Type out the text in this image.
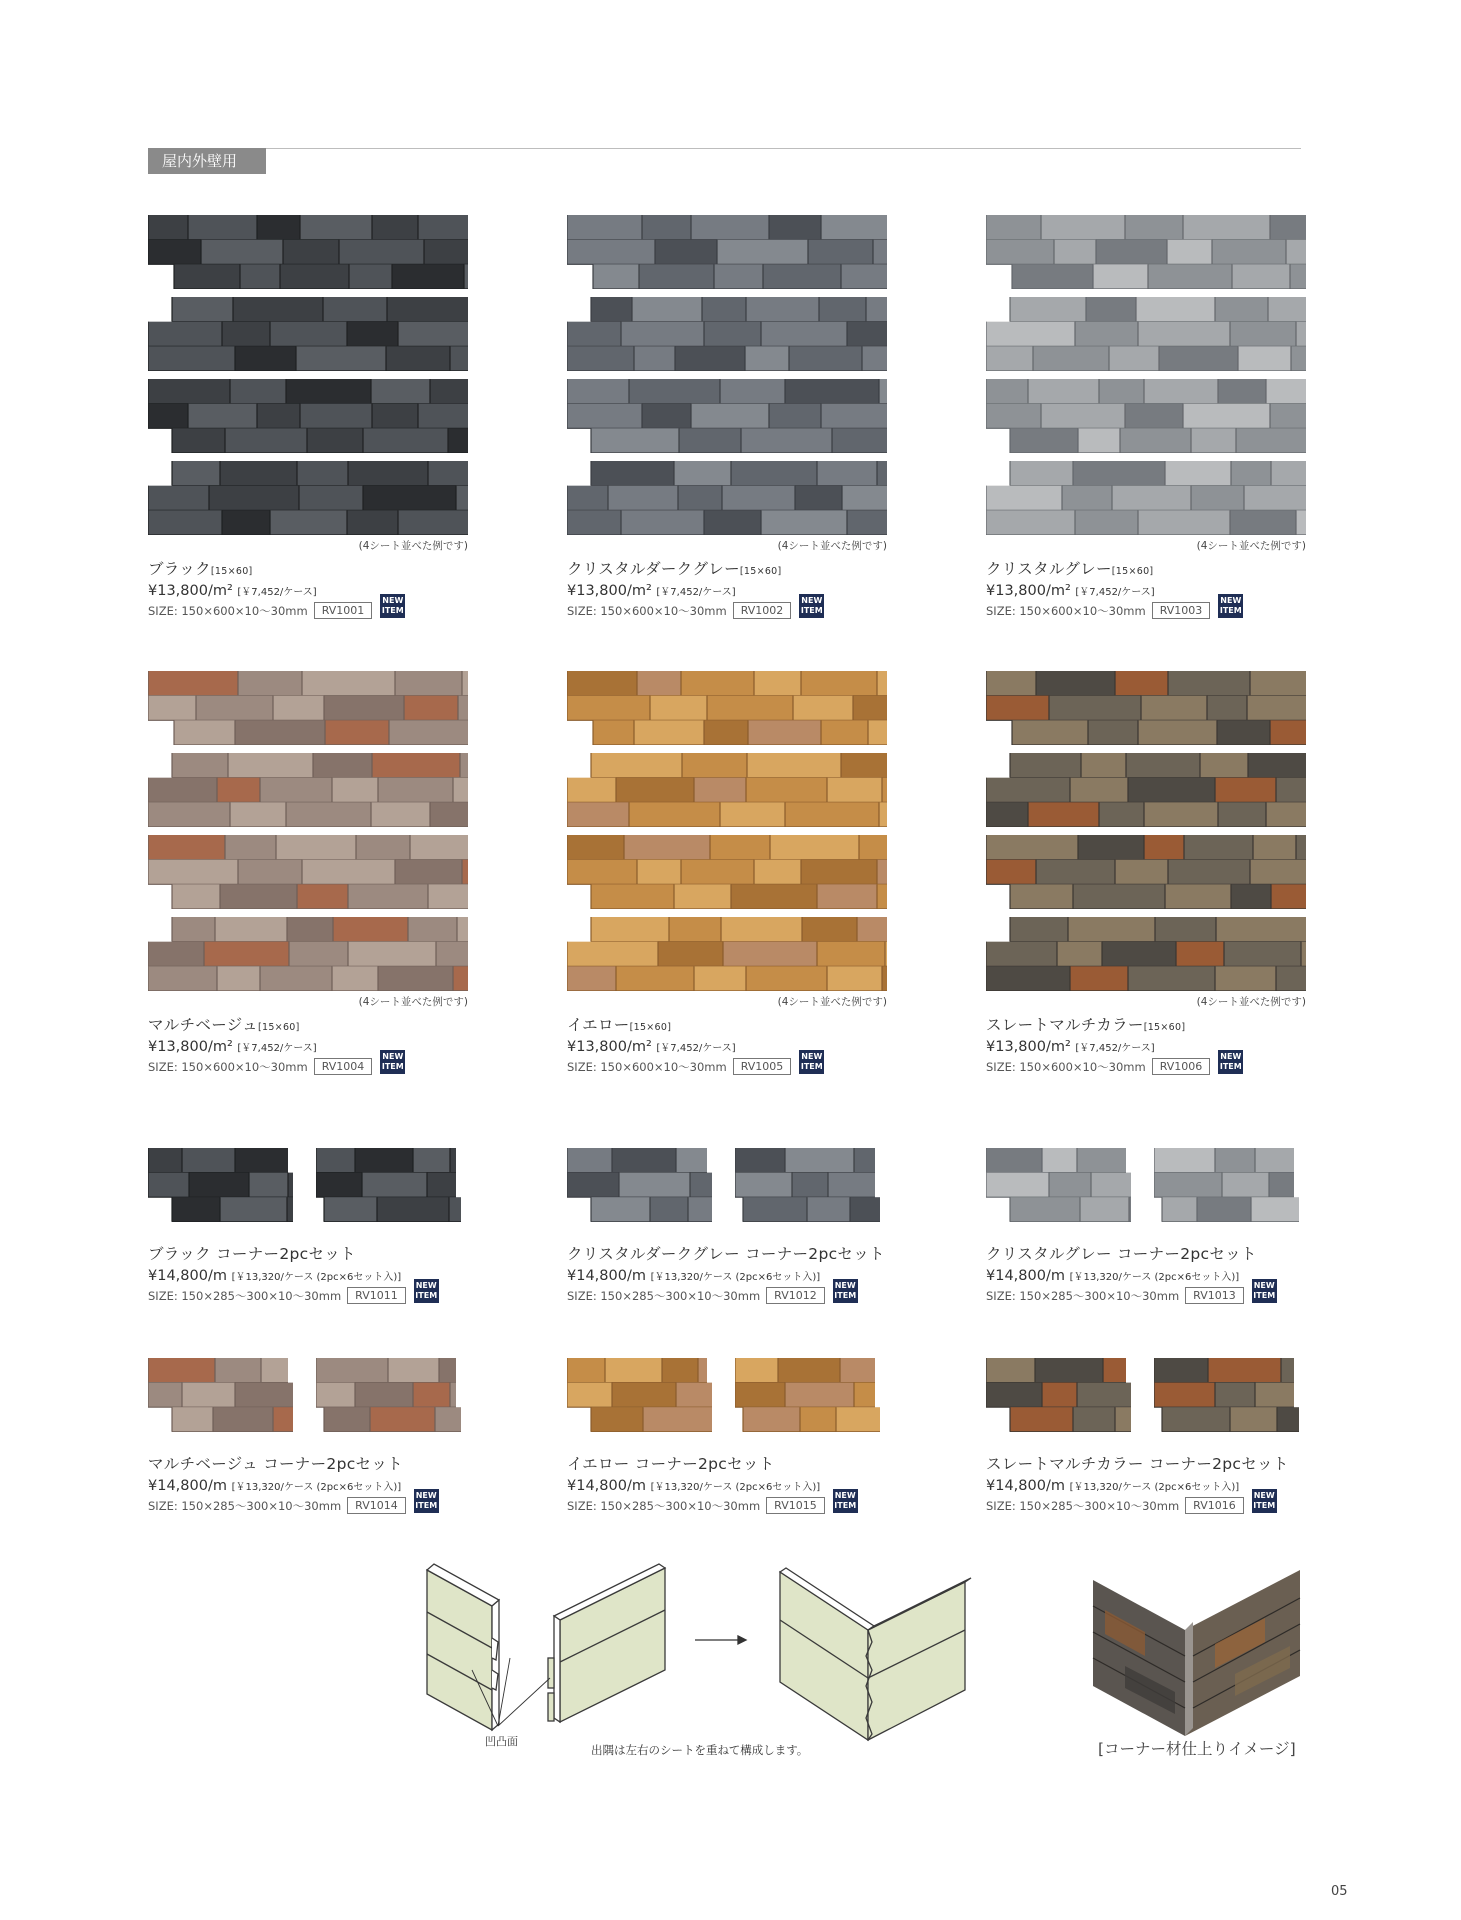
屋内外壁用
(4シート並べた例です)
ブラック[15×60]
¥13,800/m² [￥7,452/ケース]
SIZE: 150×600×10〜30mm	RV1001
NEW
ITEM
(4シート並べた例です)
クリスタルダークグレー[15×60]
¥13,800/m² [￥7,452/ケース]
SIZE: 150×600×10〜30mm	RV1002
NEW
ITEM
(4シート並べた例です)
クリスタルグレー[15×60]
¥13,800/m² [￥7,452/ケース]
SIZE: 150×600×10〜30mm	RV1003
NEW
ITEM
(4シート並べた例です)
マルチベージュ[15×60]
¥13,800/m² [￥7,452/ケース]
SIZE: 150×600×10〜30mm	RV1004
NEW
ITEM
(4シート並べた例です)
イエロー[15×60]
¥13,800/m² [￥7,452/ケース]
SIZE: 150×600×10〜30mm	RV1005
NEW
ITEM
(4シート並べた例です)
スレートマルチカラー[15×60]
¥13,800/m² [￥7,452/ケース]
SIZE: 150×600×10〜30mm	RV1006
NEW
ITEM
ブラック コーナー2pcセット
¥14,800/m [￥13,320/ケース (2pc×6セット入)]
SIZE: 150×285〜300×10〜30mm	RV1011
NEW
ITEM
クリスタルダークグレー コーナー2pcセット
¥14,800/m [￥13,320/ケース (2pc×6セット入)]
SIZE: 150×285〜300×10〜30mm	RV1012
NEW
ITEM
クリスタルグレー コーナー2pcセット
¥14,800/m [￥13,320/ケース (2pc×6セット入)]
SIZE: 150×285〜300×10〜30mm	RV1013
NEW
ITEM
マルチベージュ コーナー2pcセット
¥14,800/m [￥13,320/ケース (2pc×6セット入)]
SIZE: 150×285〜300×10〜30mm	RV1014
NEW
ITEM
イエロー コーナー2pcセット
¥14,800/m [￥13,320/ケース (2pc×6セット入)]
SIZE: 150×285〜300×10〜30mm	RV1015
NEW
ITEM
スレートマルチカラー コーナー2pcセット
¥14,800/m [￥13,320/ケース (2pc×6セット入)]
SIZE: 150×285〜300×10〜30mm	RV1016
NEW
ITEM
凹凸面
出隅は左右のシートを重ねて構成します。	[コーナー材仕上りイメージ]
05
